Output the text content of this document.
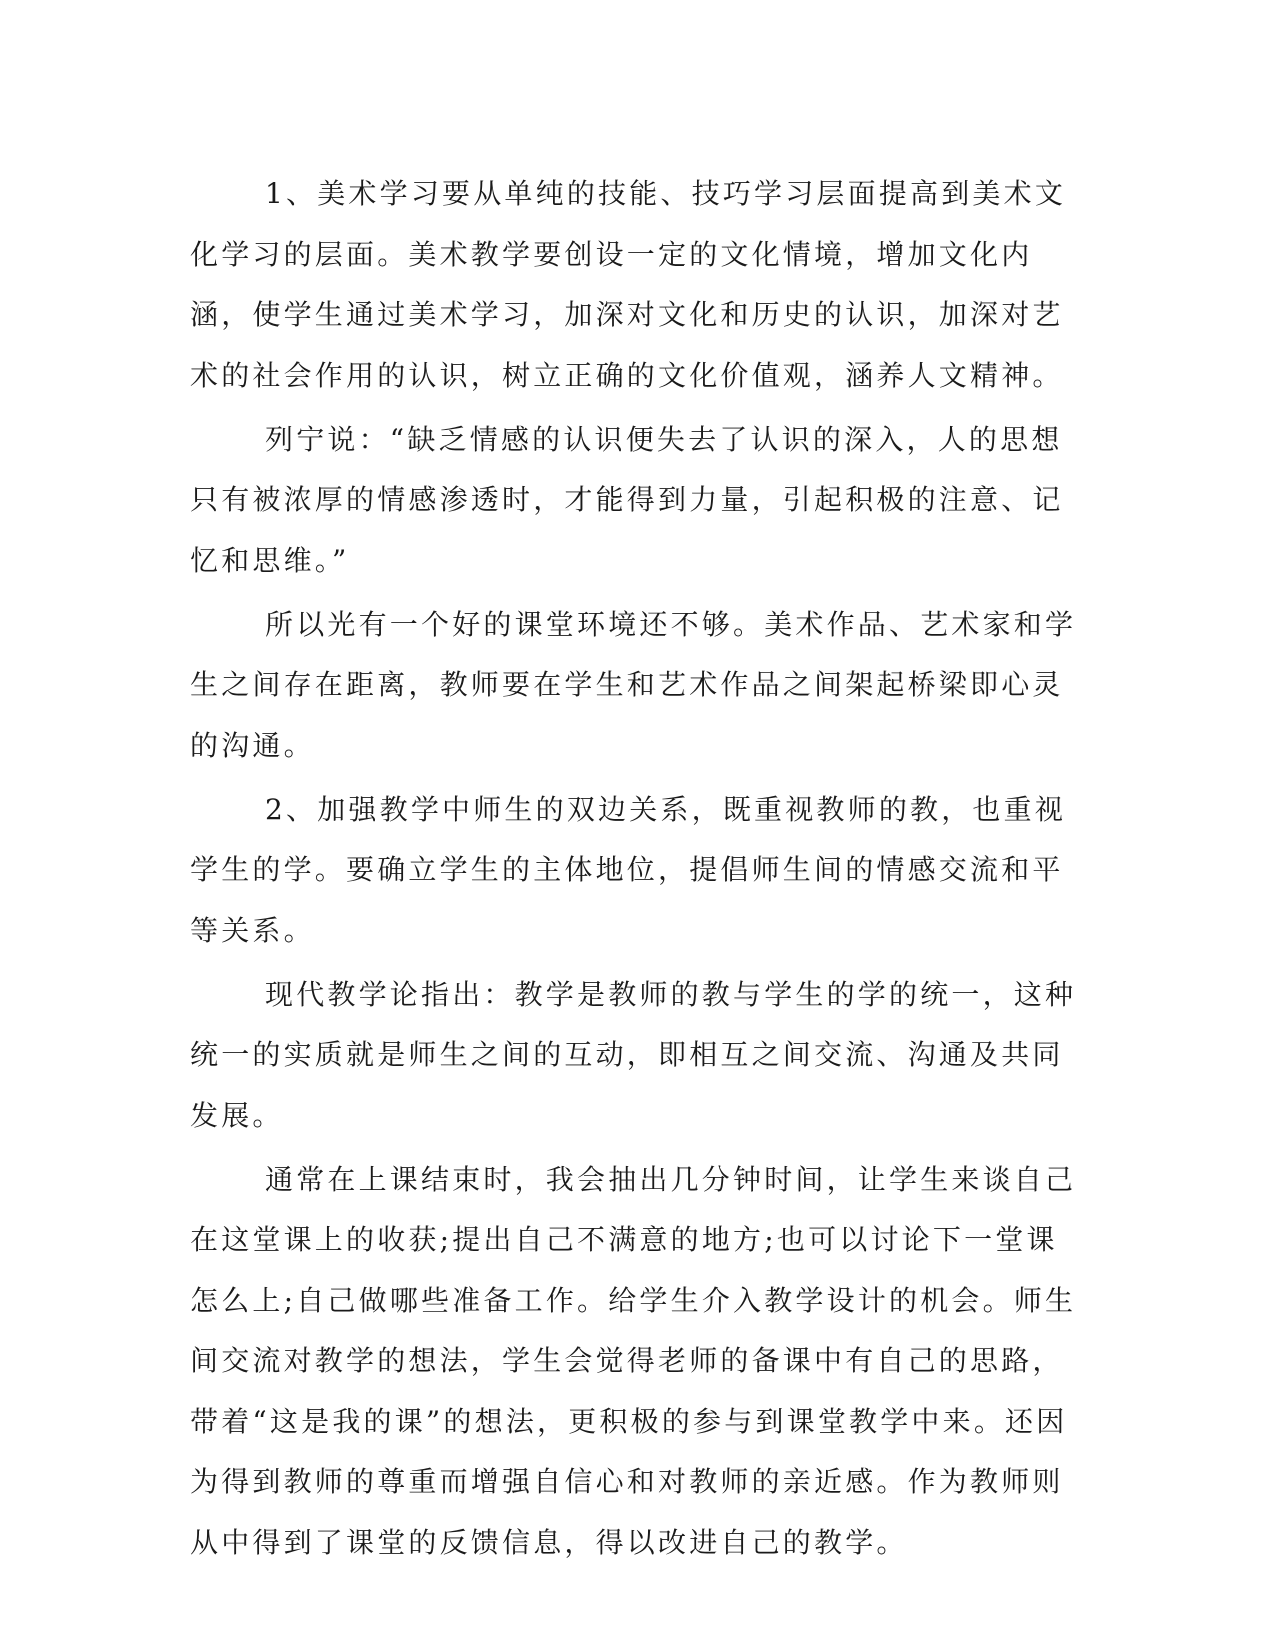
1、美术学习要从单纯的技能、技巧学习层面提高到美术文化学习的层面。美术教学要创设一定的文化情境，增加文化内涵，使学生通过美术学习，加深对文化和历史的认识，加深对艺术的社会作用的认识，树立正确的文化价值观，涵养人文精神。

列宁说：“缺乏情感的认识便失去了认识的深入，人的思想只有被浓厚的情感渗透时，才能得到力量，引起积极的注意、记忆和思维。”

所以光有一个好的课堂环境还不够。美术作品、艺术家和学生之间存在距离，教师要在学生和艺术作品之间架起桥梁即心灵的沟通。

2、加强教学中师生的双边关系，既重视教师的教，也重视学生的学。要确立学生的主体地位，提倡师生间的情感交流和平等关系。

现代教学论指出：教学是教师的教与学生的学的统一，这种统一的实质就是师生之间的互动，即相互之间交流、沟通及共同发展。

通常在上课结束时，我会抽出几分钟时间，让学生来谈自己在这堂课上的收获;提出自己不满意的地方;也可以讨论下一堂课怎么上;自己做哪些准备工作。给学生介入教学设计的机会。师生间交流对教学的想法，学生会觉得老师的备课中有自己的思路，带着“这是我的课”的想法，更积极的参与到课堂教学中来。还因为得到教师的尊重而增强自信心和对教师的亲近感。作为教师则从中得到了课堂的反馈信息，得以改进自己的教学。
